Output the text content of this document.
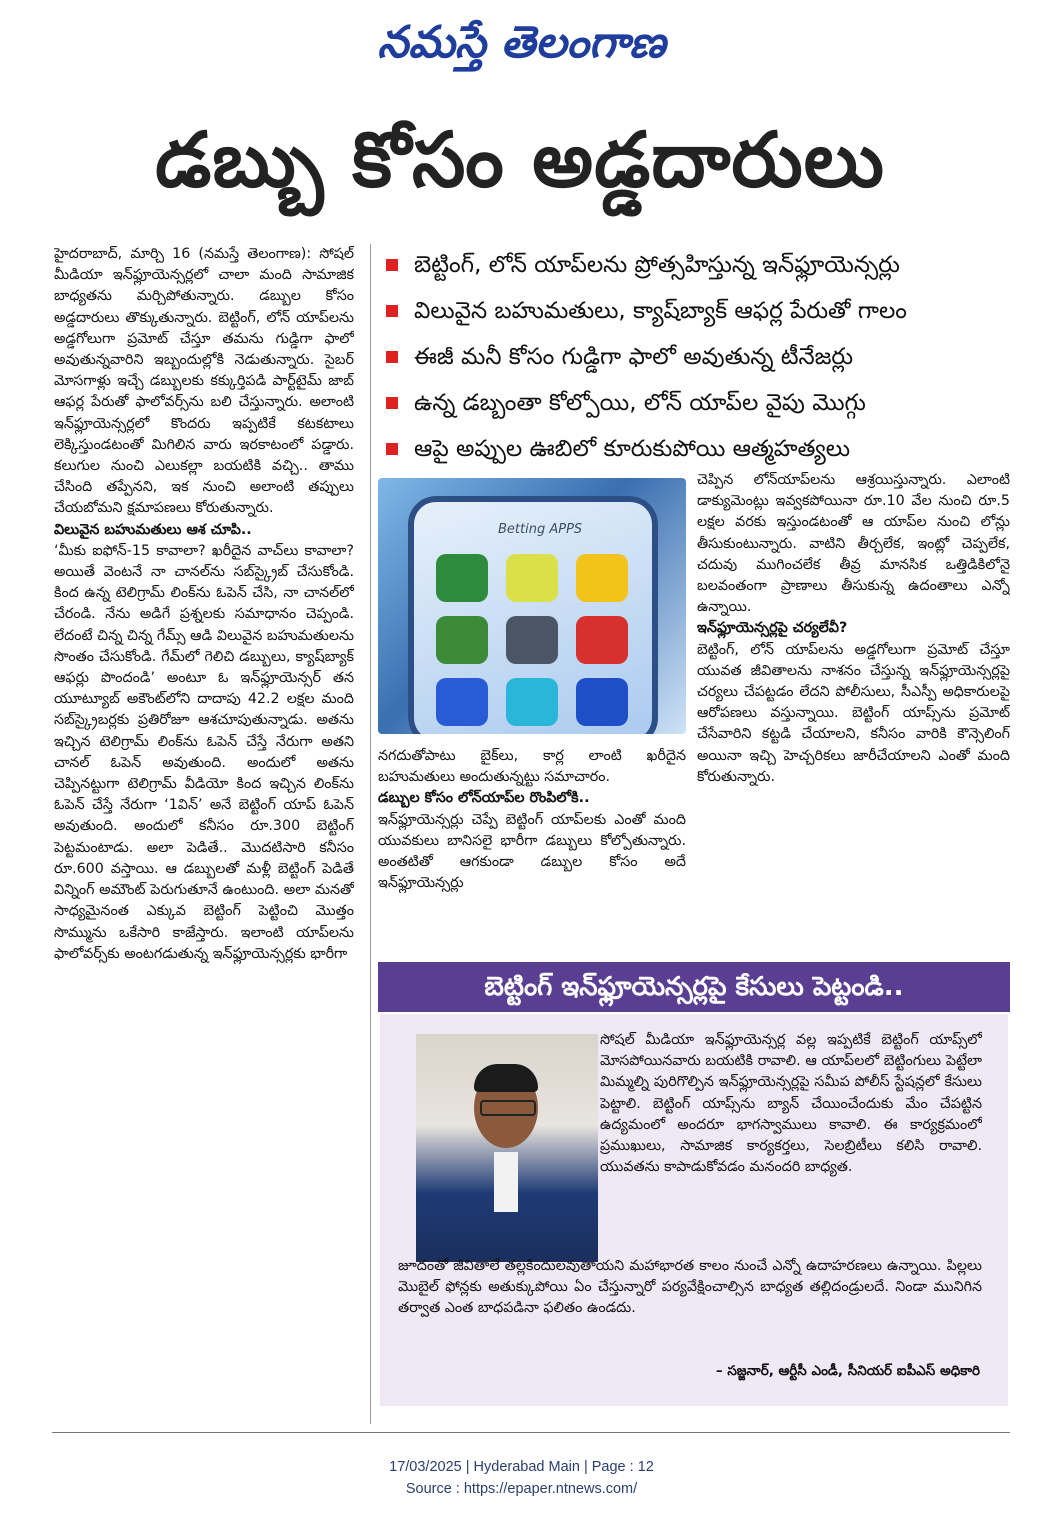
నమస్తే తెలంగాణ
డబ్బు కోసం అడ్డదారులు

హైదరాబాద్, మార్చి 16 (నమస్తే తెలంగాణ): సోషల్ మీడియా ఇన్‌ఫ్లూయెన్సర్లలో చాలా మంది సామాజిక బాధ్యతను మర్చిపోతున్నారు. డబ్బుల కోసం అడ్డదారులు తొక్కుతున్నారు. బెట్టింగ్, లోన్ యాప్‌లను అడ్డగోలుగా ప్రమోట్ చేస్తూ తమను గుడ్డిగా ఫాలో అవుతున్నవారిని ఇబ్బందుల్లోకి నెడుతున్నారు. సైబర్ మోసగాళ్లు ఇచ్చే డబ్బులకు కక్కుర్తిపడి పార్ట్‌టైమ్ జాబ్ ఆఫర్ల పేరుతో ఫాలోవర్స్‌ను బలి చేస్తున్నారు. అలాంటి ఇన్‌ఫ్లూయెన్సర్లలో కొందరు ఇప్పటికే కటకటాలు లెక్కిస్తుండటంతో మిగిలిన వారు ఇరకాటంలో పడ్డారు. కలుగుల నుంచి ఎలుకల్లా బయటికి వచ్చి.. తాము చేసింది తప్పేనని, ఇక నుంచి అలాంటి తప్పులు చేయబోమని క్షమాపణలు కోరుతున్నారు.

విలువైన బహుమతులు ఆశ చూపి..

‘మీకు ఐఫోన్-15 కావాలా? ఖరీదైన వాచ్‌లు కావాలా? అయితే వెంటనే నా చానల్‌ను సబ్‌స్క్రైబ్ చేసుకోండి. కింద ఉన్న టెలిగ్రామ్ లింక్‌ను ఓపెన్ చేసి, నా చానల్‌లో చేరండి. నేను అడిగే ప్రశ్నలకు సమాధానం చెప్పండి. లేదంటే చిన్న చిన్న గేమ్స్ ఆడి విలువైన బహుమతులను సొంతం చేసుకోండి. గేమ్‌లో గెలిచి డబ్బులు, క్యాష్‌బ్యాక్ ఆఫర్లు పొందండి’ అంటూ ఓ ఇన్‌ఫ్లూయెన్సర్ తన యూట్యూబ్ అకౌంట్‌లోని దాదాపు 42.2 లక్షల మంది సబ్‌స్క్రైబర్లకు ప్రతిరోజూ ఆశచూపుతున్నాడు. అతను ఇచ్చిన టెలిగ్రామ్ లింక్‌ను ఓపెన్ చేస్తే నేరుగా అతని చానల్ ఓపెన్ అవుతుంది. అందులో అతను చెప్పినట్టుగా టెలిగ్రామ్ వీడియో కింద ఇచ్చిన లింక్‌ను ఓపెన్ చేస్తే నేరుగా ‘1విన్’ అనే బెట్టింగ్ యాప్ ఓపెన్ అవుతుంది. అందులో కనీసం రూ.300 బెట్టింగ్ పెట్టమంటాడు. అలా పెడితే.. మొదటిసారి కనీసం రూ.600 వస్తాయి. ఆ డబ్బులతో మళ్లీ బెట్టింగ్ పెడితే విన్నింగ్ అమౌంట్ పెరుగుతూనే ఉంటుంది. అలా మనతో సాధ్యమైనంత ఎక్కువ బెట్టింగ్ పెట్టించి మొత్తం సొమ్మును ఒకేసారి కాజేస్తారు. ఇలాంటి యాప్‌లను ఫాలోవర్స్‌కు అంటగడుతున్న ఇన్‌ఫ్లూయెన్సర్లకు భారీగా

బెట్టింగ్, లోన్ యాప్‌లను ప్రోత్సహిస్తున్న ఇన్‌ఫ్లూయెన్సర్లు
విలువైన బహుమతులు, క్యాష్‌బ్యాక్ ఆఫర్ల పేరుతో గాలం
ఈజీ మనీ కోసం గుడ్డిగా ఫాలో అవుతున్న టీనేజర్లు
ఉన్న డబ్బంతా కోల్పోయి, లోన్ యాప్‌ల వైపు మొగ్గు
ఆపై అప్పుల ఊబిలో కూరుకుపోయి ఆత్మహత్యలు
Betting APPS

నగదుతోపాటు బైక్‌లు, కార్ల లాంటి ఖరీదైన బహుమతులు అందుతున్నట్టు సమాచారం.

డబ్బుల కోసం లోన్‌యాప్‌ల రొంపిలోకి..

ఇన్‌ఫ్లూయెన్సర్లు చెప్పే బెట్టింగ్ యాప్‌లకు ఎంతో మంది యువకులు బానిసలై భారీగా డబ్బులు కోల్పోతున్నారు. అంతటితో ఆగకుండా డబ్బుల కోసం అదే ఇన్‌ఫ్లూయెన్సర్లు

చెప్పిన లోన్‌యాప్‌లను ఆశ్రయిస్తున్నారు. ఎలాంటి డాక్యుమెంట్లు ఇవ్వకపోయినా రూ.10 వేల నుంచి రూ.5 లక్షల వరకు ఇస్తుండటంతో ఆ యాప్‌ల నుంచి లోన్లు తీసుకుంటున్నారు. వాటిని తీర్చలేక, ఇంట్లో చెప్పలేక, చదువు ముగించలేక తీవ్ర మానసిక ఒత్తిడికిలోనై బలవంతంగా ప్రాణాలు తీసుకున్న ఉదంతాలు ఎన్నో ఉన్నాయి.

ఇన్‌ఫ్లూయెన్సర్లపై చర్యలేవీ?

బెట్టింగ్, లోన్ యాప్‌లను అడ్డగోలుగా ప్రమోట్ చేస్తూ యువత జీవితాలను నాశనం చేస్తున్న ఇన్‌ఫ్లూయెన్సర్లపై చర్యలు చేపట్టడం లేదని పోలీసులు, సీఎస్పీ అధికారులపై ఆరోపణలు వస్తున్నాయి. బెట్టింగ్ యాప్స్‌ను ప్రమోట్ చేసేవారిని కట్టడి చేయాలని, కనీసం వారికి కౌన్సెలింగ్ అయినా ఇచ్చి హెచ్చరికలు జారీచేయాలని ఎంతో మంది కోరుతున్నారు.

బెట్టింగ్ ఇన్‌ఫ్లూయెన్సర్లపై కేసులు పెట్టండి..

సోషల్ మీడియా ఇన్‌ఫ్లూయెన్సర్ల వల్ల ఇప్పటికే బెట్టింగ్ యాప్స్‌లో మోసపోయినవారు బయటికి రావాలి. ఆ యాప్‌లలో బెట్టింగులు పెట్టేలా మిమ్మల్ని పురిగొల్పిన ఇన్‌ఫ్లూయెన్సర్లపై సమీప పోలీస్ స్టేషన్లలో కేసులు పెట్టాలి. బెట్టింగ్ యాప్స్‌ను బ్యాన్ చేయించేందుకు మేం చేపట్టిన ఉద్యమంలో అందరూ భాగస్వాములు కావాలి. ఈ కార్యక్రమంలో ప్రముఖులు, సామాజిక కార్యకర్తలు, సెలబ్రిటీలు కలిసి రావాలి. యువతను కాపాడుకోవడం మనందరి బాధ్యత.

జూదంతో జీవితాలే తల్లకిందులవుతాయని మహాభారత కాలం నుంచే ఎన్నో ఉదాహరణలు ఉన్నాయి. పిల్లలు మొబైల్ ఫోన్లకు అతుక్కుపోయి ఏం చేస్తున్నారో పర్యవేక్షించాల్సిన బాధ్యత తల్లిదండ్రులదే. నిండా మునిగిన తర్వాత ఎంత బాధపడినా ఫలితం ఉండదు.

– సజ్జనార్, ఆర్టీసీ ఎండీ, సీనియర్ ఐపీఎస్ అధికారి
17/03/2025 | Hyderabad Main | Page : 12
Source : https://epaper.ntnews.com/
